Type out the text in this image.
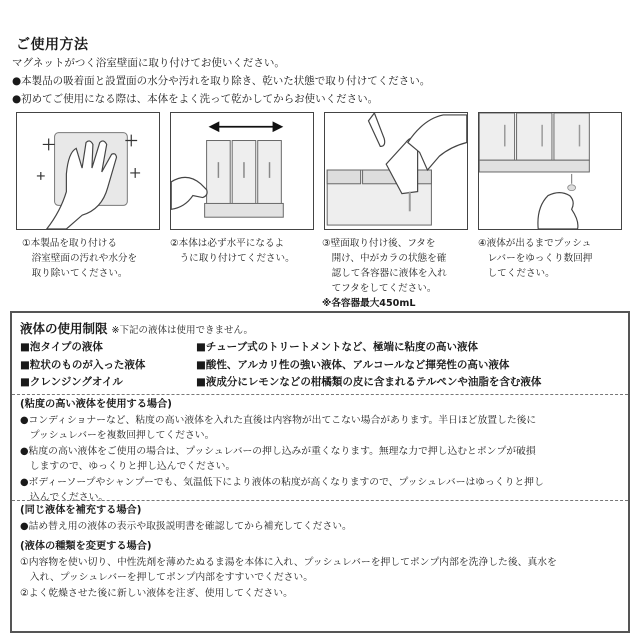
ご使用方法
マグネットがつく浴室壁面に取り付けてお使いください。
●本製品の吸着面と設置面の水分や汚れを取り除き、乾いた状態で取り付けてください。
●初めてご使用になる際は、本体をよく洗って乾かしてからお使いください。
①本製品を取り付ける
　浴室壁面の汚れや水分を
　取り除いてください。
②本体は必ず水平になるよ
　うに取り付けてください。
③壁面取り付け後、フタを
　開け、中がカラの状態を確
　認して各容器に液体を入れ
　てフタをしてください。
※各容器最大450mL
④液体が出るまでプッシュ
　レバーをゆっくり数回押
　してください。
液体の使用制限 ※下記の液体は使用できません。
■泡タイプの液体	■チューブ式のトリートメントなど、極端に粘度の高い液体
■粒状のものが入った液体	■酸性、アルカリ性の強い液体、アルコールなど揮発性の高い液体
■クレンジングオイル	■液成分にレモンなどの柑橘類の皮に含まれるテルペンや油脂を含む液体
(粘度の高い液体を使用する場合)
●コンディショナーなど、粘度の高い液体を入れた直後は内容物が出てこない場合があります。半日ほど放置した後に
　プッシュレバーを複数回押してください。
●粘度の高い液体をご使用の場合は、プッシュレバーの押し込みが重くなります。無理な力で押し込むとポンプが破損
　しますので、ゆっくりと押し込んでください。
●ボディーソープやシャンプーでも、気温低下により液体の粘度が高くなりますので、プッシュレバーはゆっくりと押し
　込んでください。
(同じ液体を補充する場合)
●詰め替え用の液体の表示や取扱説明書を確認してから補充してください。
(液体の種類を変更する場合)
①内容物を使い切り、中性洗剤を薄めたぬるま湯を本体に入れ、プッシュレバーを押してポンプ内部を洗浄した後、真水を
　入れ、プッシュレバーを押してポンプ内部をすすいでください。
②よく乾燥させた後に新しい液体を注ぎ、使用してください。
